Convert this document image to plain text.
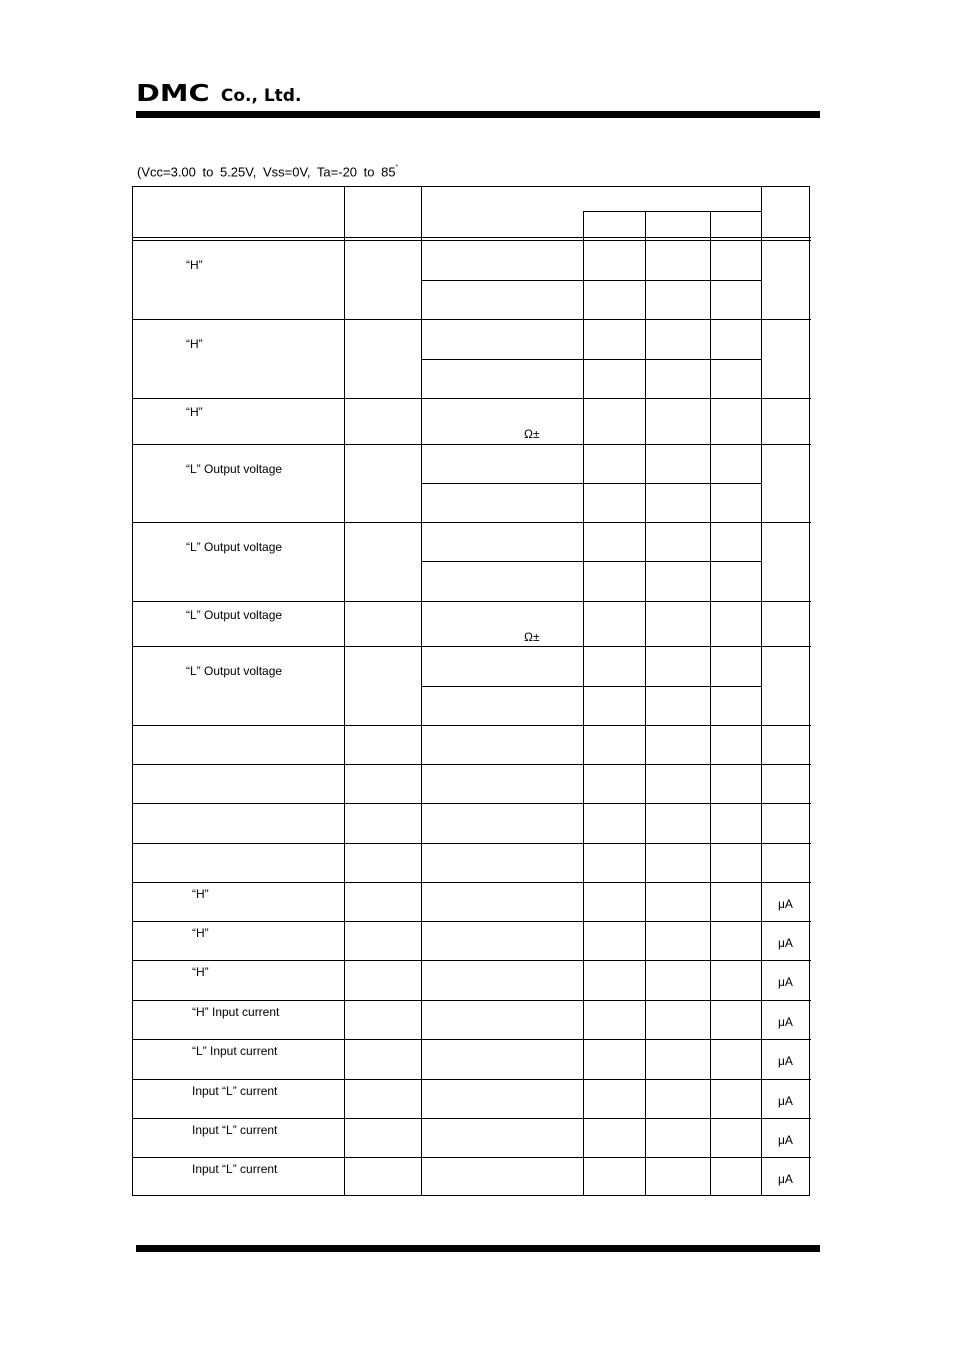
DMC Co., Ltd.
(Vcc=3.00 to 5.25V, Vss=0V, Ta=-20 to 85˚
“H”
“H”
“H”
Ω±
“L” Output voltage
“L” Output voltage
“L” Output voltage
Ω±
“L” Output voltage
“H”
μA
“H”
μA
“H”
μA
“H” Input current
μA
“L” Input current
μA
Input “L” current
μA
Input “L” current
μA
Input “L” current
μA
